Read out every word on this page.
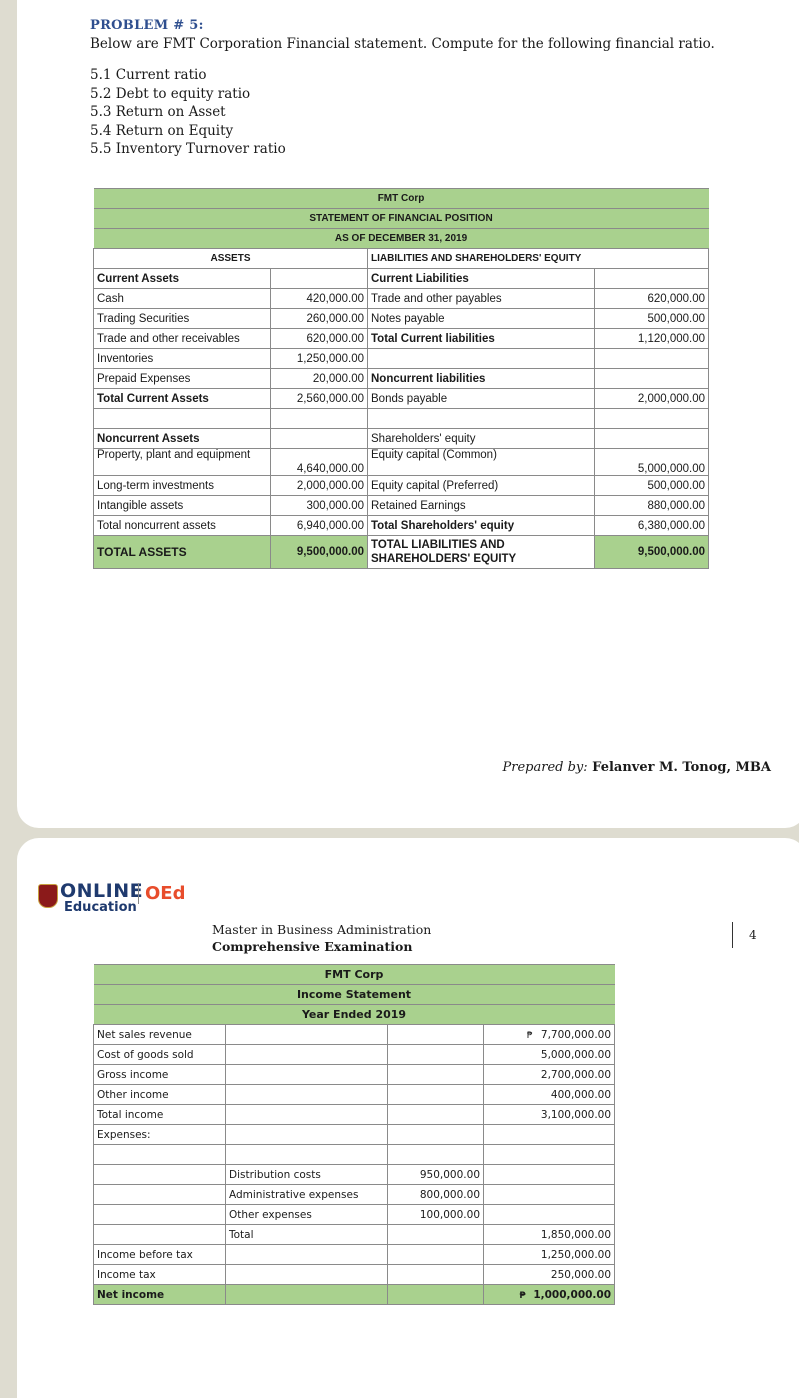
PROBLEM # 5:
Below are FMT Corporation Financial statement. Compute for the following financial ratio.
5.1 Current ratio
5.2 Debt to equity ratio
5.3 Return on Asset
5.4 Return on Equity
5.5 Inventory Turnover ratio
FMT Corp			
STATEMENT OF FINANCIAL POSITION			
AS OF DECEMBER 31, 2019			
ASSETS		LIABILITIES AND SHAREHOLDERS' EQUITY	
Current Assets		Current Liabilities	
Cash	420,000.00	Trade and other payables	620,000.00
Trading Securities	260,000.00	Notes payable	500,000.00
Trade and other receivables	620,000.00	Total Current liabilities	1,120,000.00
Inventories	1,250,000.00		
Prepaid Expenses	20,000.00	Noncurrent liabilities	
Total Current Assets	2,560,000.00	Bonds payable	2,000,000.00

Noncurrent Assets		Shareholders' equity	
Property, plant and equipment	4,640,000.00	Equity capital (Common)	5,000,000.00
Long-term investments	2,000,000.00	Equity capital (Preferred)	500,000.00
Intangible assets	300,000.00	Retained Earnings	880,000.00
Total noncurrent assets	6,940,000.00	Total Shareholders' equity	6,380,000.00
TOTAL ASSETS	9,500,000.00	TOTAL LIABILITIES AND SHAREHOLDERS' EQUITY	9,500,000.00
Prepared by: Felanver M. Tonog, MBA
ONLINE
Education
OEd
Master in Business Administration
Comprehensive Examination
4
FMT Corp			
Income Statement			
Year Ended 2019			
Net sales revenue			₱ 7,700,000.00
Cost of goods sold			5,000,000.00
Gross income			2,700,000.00
Other income			400,000.00
Total income			3,100,000.00
Expenses:			

	Distribution costs	950,000.00	
	Administrative expenses	800,000.00	
	Other expenses	100,000.00	
	Total		1,850,000.00
Income before tax			1,250,000.00
Income tax			250,000.00
Net income			₱ 1,000,000.00
